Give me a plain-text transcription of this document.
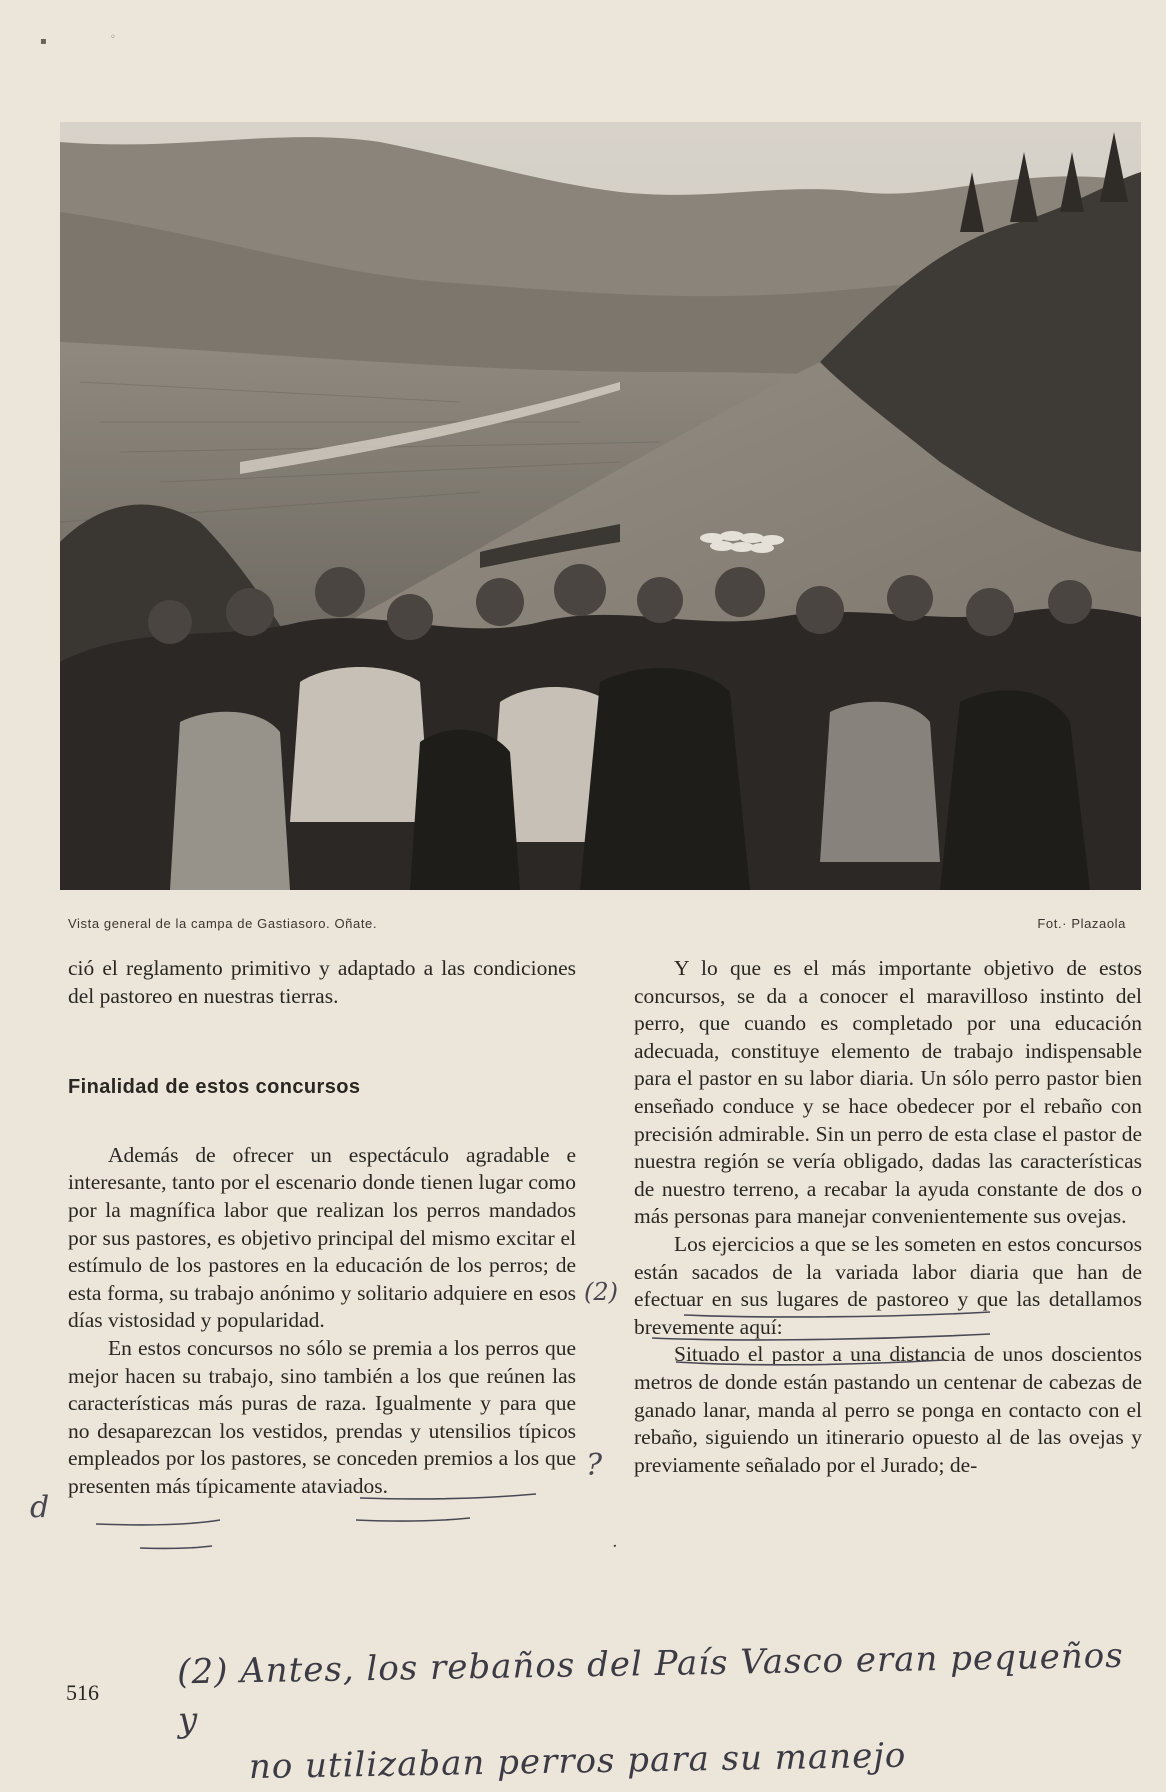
▪	◦
Vista general de la campa de Gastiasoro. Oñate.	Fot.· Plazaola

ció el reglamento primitivo y adaptado a las condiciones del pastoreo en nuestras tierras.

Finalidad de estos concursos

Además de ofrecer un espectáculo agradable e interesante, tanto por el escenario donde tienen lugar como por la magnífica labor que realizan los perros mandados por sus pastores, es objetivo principal del mismo excitar el estímulo de los pastores en la educación de los perros; de esta forma, su trabajo anónimo y solitario adquiere en esos días vistosidad y popularidad.

En estos concursos no sólo se premia a los perros que mejor hacen su trabajo, sino también a los que reúnen las características más puras de raza. Igualmente y para que no desaparezcan los vestidos, prendas y utensilios típicos empleados por los pastores, se conceden premios a los que presenten más típicamente ataviados.

Y lo que es el más importante objetivo de estos concursos, se da a conocer el maravilloso instinto del perro, que cuando es completado por una educación adecuada, constituye elemento de trabajo indispensable para el pastor en su labor diaria. Un sólo perro pastor bien enseñado conduce y se hace obedecer por el rebaño con precisión admirable. Sin un perro de esta clase el pastor de nuestra región se vería obligado, dadas las características de nuestro terreno, a recabar la ayuda constante de dos o más personas para manejar convenientemente sus ovejas.

Los ejercicios a que se les someten en estos concursos están sacados de la variada labor diaria que han de efectuar en sus lugares de pastoreo y que las detallamos brevemente aquí:

Situado el pastor a una distancia de unos doscientos metros de donde están pastando un centenar de cabezas de ganado lanar, manda al perro se ponga en contacto con el rebaño, siguiendo un itinerario opuesto al de las ovejas y previamente señalado por el Jurado; de-

516
(2) Antes, los rebaños del País Vasco eran pequeños y
no utilizaban perros para su manejo
(2)
?
d
·
